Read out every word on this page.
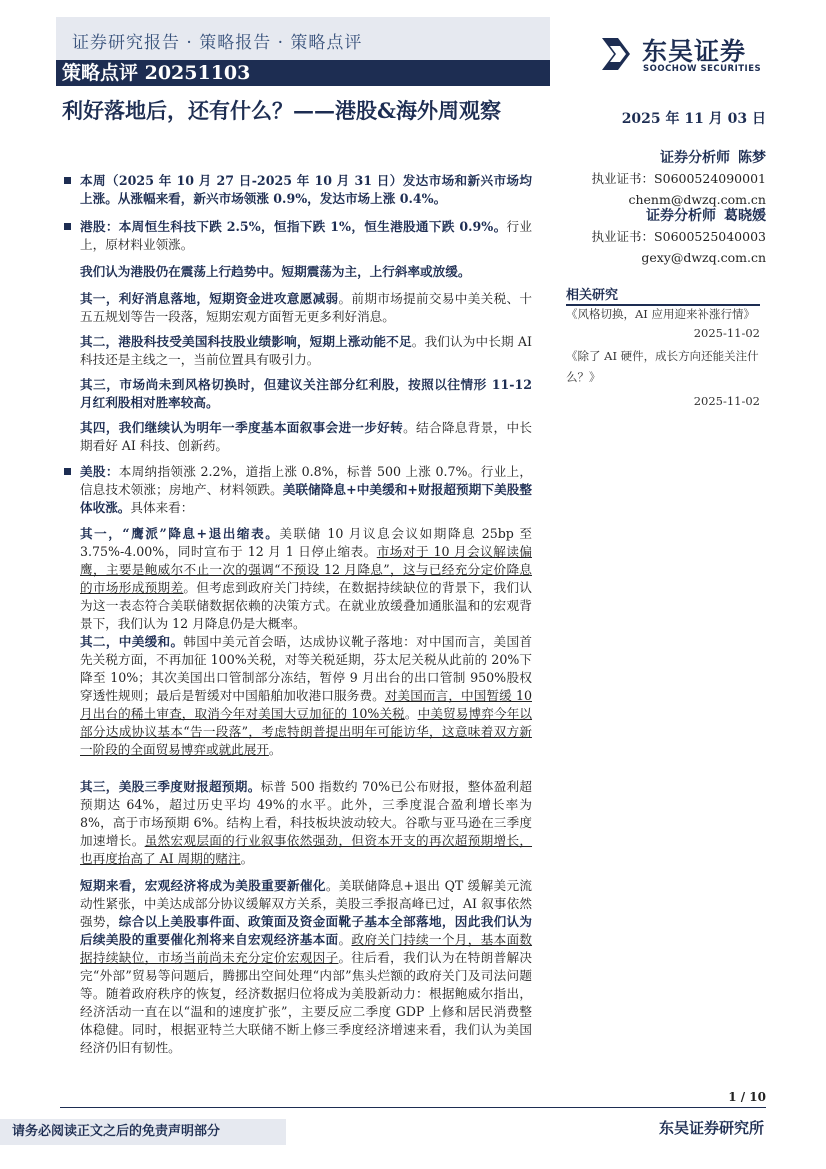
证券研究报告 · 策略报告 · 策略点评
策略点评 20251103
东吴证券
SOOCHOW SECURITIES
利好落地后，还有什么？——港股&海外周观察	2025 年 11 月 03 日
证券分析师 陈梦
执业证书：S0600524090001
chenm@dwzq.com.cn
证券分析师 葛晓媛
执业证书：S0600525040003
gexy@dwzq.com.cn
相关研究
《风格切换，AI 应用迎来补涨行情》
2025-11-02
《除了 AI 硬件，成长方向还能关注什么？》
2025-11-02
本周（2025 年 10 月 27 日-2025 年 10 月 31 日）发达市场和新兴市场均上涨。从涨幅来看，新兴市场领涨 0.9%，发达市场上涨 0.4%。
港股：本周恒生科技下跌 2.5%，恒指下跌 1%，恒生港股通下跌 0.9%。行业上，原材料业领涨。
我们认为港股仍在震荡上行趋势中。短期震荡为主，上行斜率或放缓。
其一，利好消息落地，短期资金进攻意愿减弱。前期市场提前交易中美关税、十五五规划等告一段落，短期宏观方面暂无更多利好消息。
其二，港股科技受美国科技股业绩影响，短期上涨动能不足。我们认为中长期 AI 科技还是主线之一，当前位置具有吸引力。
其三，市场尚未到风格切换时，但建议关注部分红利股，按照以往情形 11-12 月红利股相对胜率较高。
其四，我们继续认为明年一季度基本面叙事会进一步好转。结合降息背景，中长期看好 AI 科技、创新药。
美股：本周纳指领涨 2.2%，道指上涨 0.8%，标普 500 上涨 0.7%。行业上，信息技术领涨；房地产、材料领跌。美联储降息+中美缓和+财报超预期下美股整体收涨。具体来看：
其一，“鹰派”降息+退出缩表。美联储 10 月议息会议如期降息 25bp 至 3.75%-4.00%，同时宣布于 12 月 1 日停止缩表。市场对于 10 月会议解读偏鹰，主要是鲍威尔不止一次的强调“不预设 12 月降息”，这与已经充分定价降息的市场形成预期差。但考虑到政府关门持续，在数据持续缺位的背景下，我们认为这一表态符合美联储数据依赖的决策方式。在就业放缓叠加通胀温和的宏观背景下，我们认为 12 月降息仍是大概率。
其二，中美缓和。韩国中美元首会晤，达成协议靴子落地：对中国而言，美国首先关税方面，不再加征 100%关税，对等关税延期，芬太尼关税从此前的 20%下降至 10%；其次美国出口管制部分冻结，暂停 9 月出台的出口管制 950%股权穿透性规则；最后是暂缓对中国船舶加收港口服务费。对美国而言，中国暂缓 10 月出台的稀土审查，取消今年对美国大豆加征的 10%关税。中美贸易博弈今年以部分达成协议基本“告一段落”，考虑特朗普提出明年可能访华，这意味着双方新一阶段的全面贸易博弈或就此展开。
其三，美股三季度财报超预期。标普 500 指数约 70%已公布财报，整体盈利超预期达 64%，超过历史平均 49%的水平。此外，三季度混合盈利增长率为 8%，高于市场预期 6%。结构上看，科技板块波动较大。谷歌与亚马逊在三季度加速增长。虽然宏观层面的行业叙事依然强劲，但资本开支的再次超预期增长，也再度抬高了 AI 周期的赌注。
短期来看，宏观经济将成为美股重要新催化。美联储降息+退出 QT 缓解美元流动性紧张，中美达成部分协议缓解双方关系，美股三季报高峰已过，AI 叙事依然强势，综合以上美股事件面、政策面及资金面靴子基本全部落地，因此我们认为后续美股的重要催化剂将来自宏观经济基本面。政府关门持续一个月，基本面数据持续缺位，市场当前尚未充分定价宏观因子。往后看，我们认为在特朗普解决完“外部”贸易等问题后，腾挪出空间处理“内部”焦头烂额的政府关门及司法问题等。随着政府秩序的恢复，经济数据归位将成为美股新动力：根据鲍威尔指出，经济活动一直在以“温和的速度扩张”，主要反应二季度 GDP 上修和居民消费整体稳健。同时，根据亚特兰大联储不断上修三季度经济增速来看，我们认为美国经济仍旧有韧性。
1 / 10
请务必阅读正文之后的免责声明部分	东吴证券研究所
